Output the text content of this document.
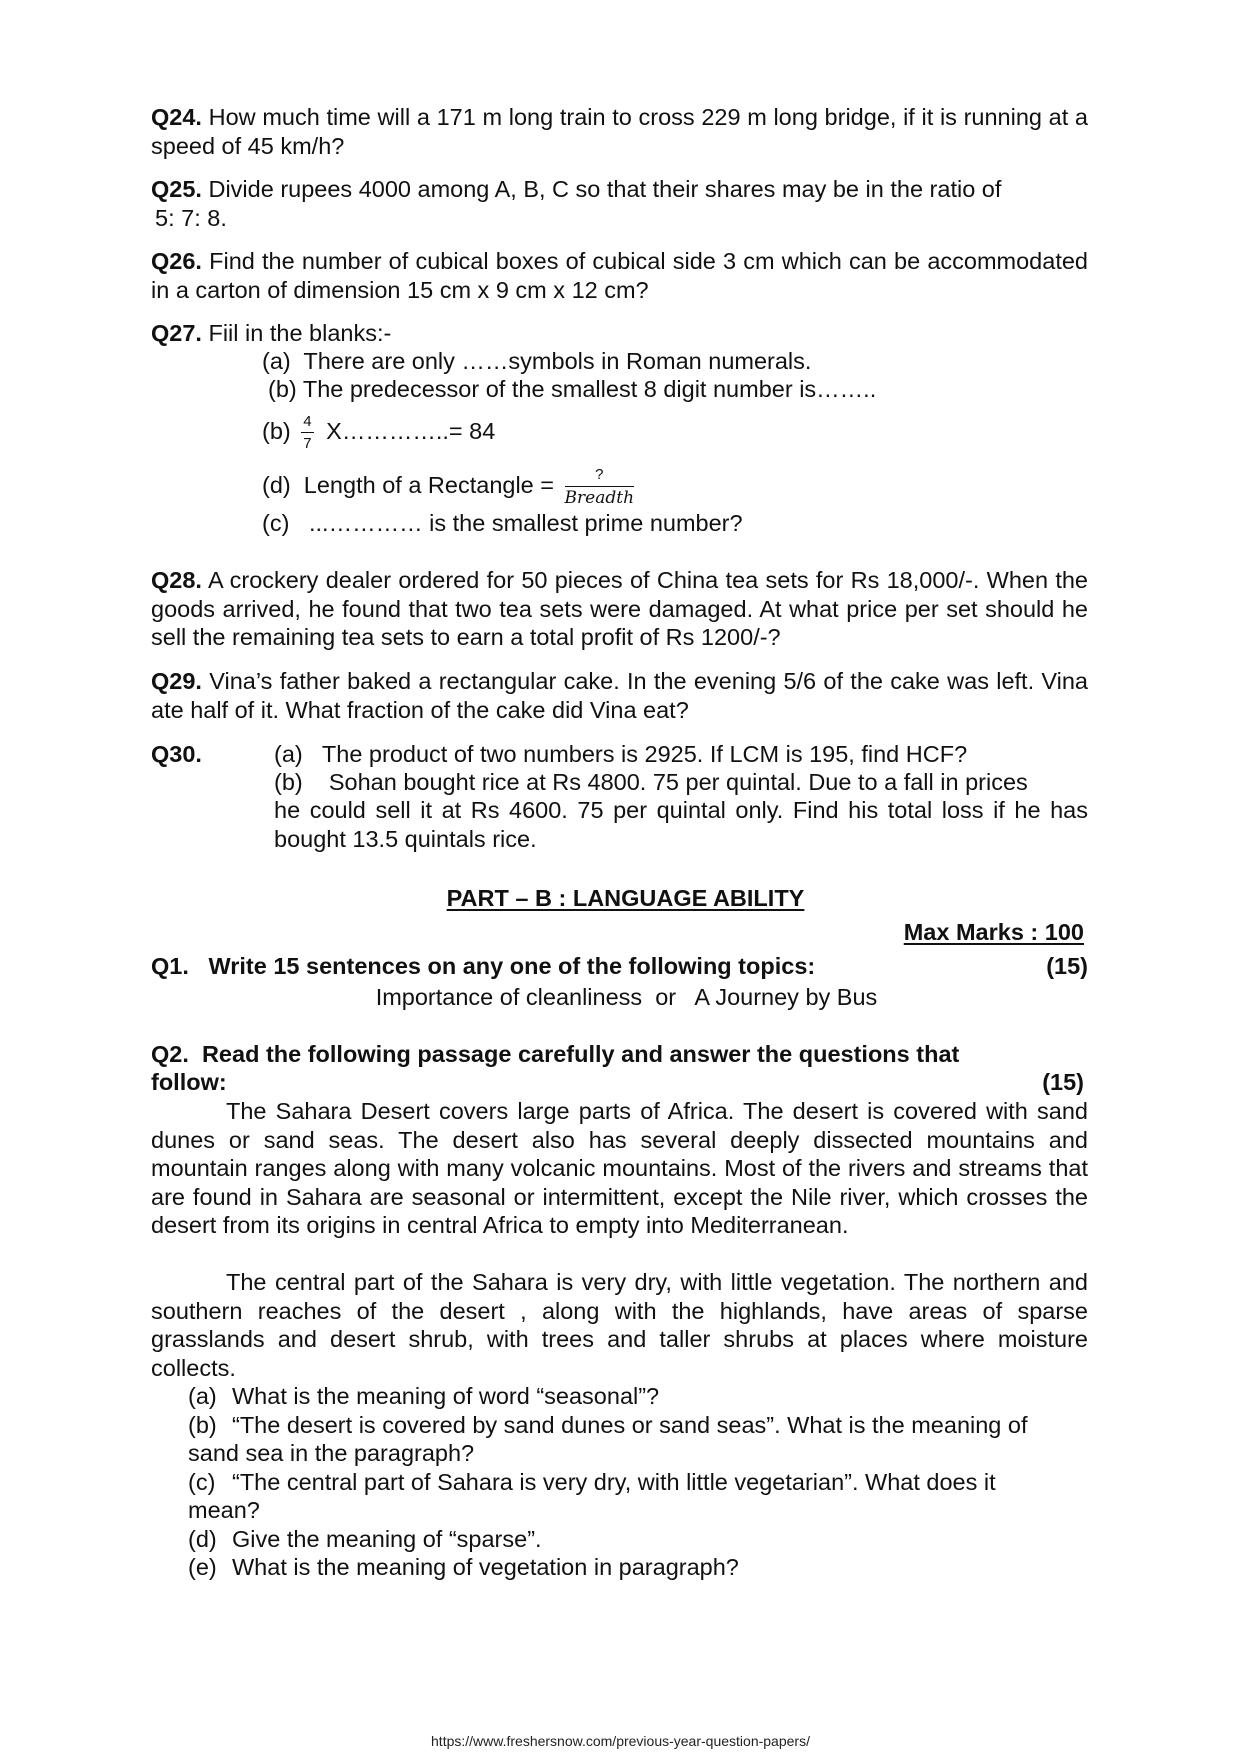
Q24. How much time will a 171 m long train to cross 229 m long bridge, if it is running at a speed of 45 km/h?
Q25. Divide rupees 4000 among A, B, C so that their shares may be in the ratio of
5: 7: 8.
Q26. Find the number of cubical boxes of cubical side 3 cm which can be accommodated in a carton of dimension 15 cm x 9 cm x 12 cm?
Q27. Fiil in the blanks:-
(a) There are only ……symbols in Roman numerals.
(b) The predecessor of the smallest 8 digit number is……..
$(b) \frac{4}{7}$ X…………..= 84
(d) Length of a Rectangle = $\frac{?}{\text{Breadth}}$
(c) ...………… is the smallest prime number?
Q28. A crockery dealer ordered for 50 pieces of China tea sets for Rs 18,000/-. When the goods arrived, he found that two tea sets were damaged. At what price per set should he sell the remaining tea sets to earn a total profit of Rs 1200/-?
Q29. Vina’s father baked a rectangular cake. In the evening 5/6 of the cake was left. Vina ate half of it. What fraction of the cake did Vina eat?
Q30.	(a) The product of two numbers is 2925. If LCM is 195, find HCF?
(b) Sohan bought rice at Rs 4800. 75 per quintal. Due to a fall in prices
he could sell it at Rs 4600. 75 per quintal only. Find his total loss if he has bought 13.5 quintals rice.
PART – B : LANGUAGE ABILITY
Max Marks : 100
Q1. Write 15 sentences on any one of the following topics:	(15)
Importance of cleanliness  or   A Journey by Bus
Q2. Read the following passage carefully and answer the questions that
follow:	(15)
The Sahara Desert covers large parts of Africa. The desert is covered with sand dunes or sand seas. The desert also has several deeply dissected mountains and mountain ranges along with many volcanic mountains. Most of the rivers and streams that are found in Sahara are seasonal or intermittent, except the Nile river, which crosses the desert from its origins in central Africa to empty into Mediterranean.
The central part of the Sahara is very dry, with little vegetation. The northern and southern reaches of the desert , along with the highlands, have areas of sparse grasslands and desert shrub, with trees and taller shrubs at places where moisture collects.
(a) What is the meaning of word “seasonal”?
(b) “The desert is covered by sand dunes or sand seas”. What is the meaning of sand sea in the paragraph?
(c) “The central part of Sahara is very dry, with little vegetarian”. What does it mean?
(d) Give the meaning of “sparse”.
(e) What is the meaning of vegetation in paragraph?
https://www.freshersnow.com/previous-year-question-papers/
